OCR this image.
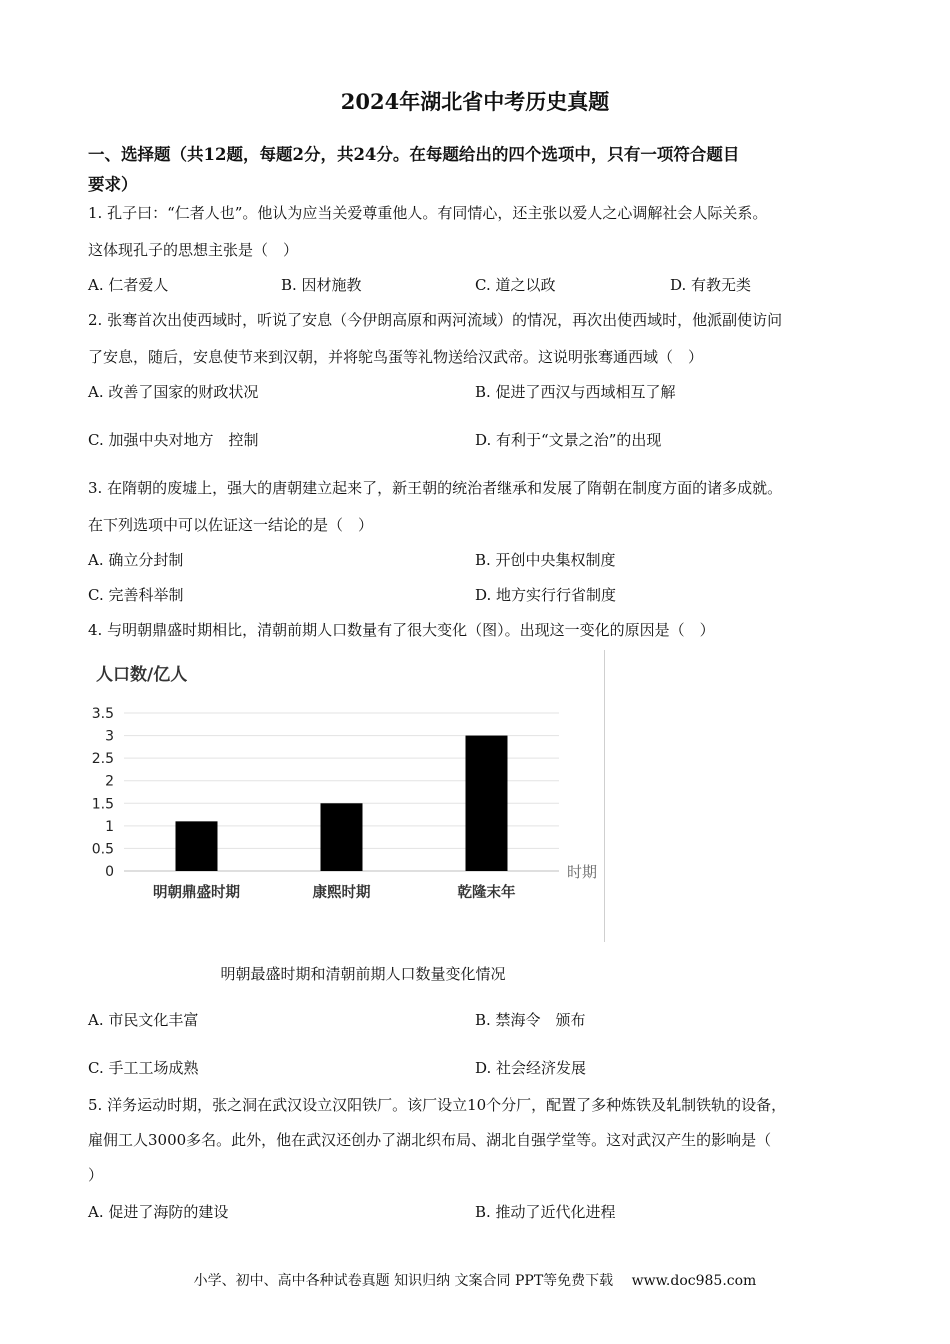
2024年湖北省中考历史真题
一、选择题（共12题，每题2分，共24分。在每题给出的四个选项中，只有一项符合题目
要求）
1. 孔子曰：“仁者人也”。他认为应当关爱尊重他人。有同情心，还主张以爱人之心调解社会人际关系。
这体现孔子的思想主张是（　）
A. 仁者爱人	B. 因材施教	C. 道之以政	D. 有教无类
2. 张骞首次出使西域时，听说了安息（今伊朗高原和两河流域）的情况，再次出使西域时，他派副使访问
了安息，随后，安息使节来到汉朝，并将鸵鸟蛋等礼物送给汉武帝。这说明张骞通西域（　）
A. 改善了国家的财政状况	B. 促进了西汉与西域相互了解
C. 加强中央对地方　控制	D. 有利于“文景之治”的出现
3. 在隋朝的废墟上，强大的唐朝建立起来了，新王朝的统治者继承和发展了隋朝在制度方面的诸多成就。
在下列选项中可以佐证这一结论的是（　）
A. 确立分封制	B. 开创中央集权制度
C. 完善科举制	D. 地方实行行省制度
4. 与明朝鼎盛时期相比，清朝前期人口数量有了很大变化（图）。出现这一变化的原因是（　）
人口数/亿人
0
0.5
1
1.5
2
2.5
3
3.5
明朝鼎盛时期	康熙时期	乾隆末年
时期
明朝最盛时期和清朝前期人口数量变化情况
A. 市民文化丰富	B. 禁海令　颁布
C. 手工工场成熟	D. 社会经济发展
5. 洋务运动时期，张之洞在武汉设立汉阳铁厂。该厂设立10个分厂，配置了多种炼铁及轧制铁轨的设备，
雇佣工人3000多名。此外，他在武汉还创办了湖北织布局、湖北自强学堂等。这对武汉产生的影响是（
）
A. 促进了海防的建设	B. 推动了近代化进程
小学、初中、高中各种试卷真题 知识归纳 文案合同 PPT等免费下载　 www.doc985.com
